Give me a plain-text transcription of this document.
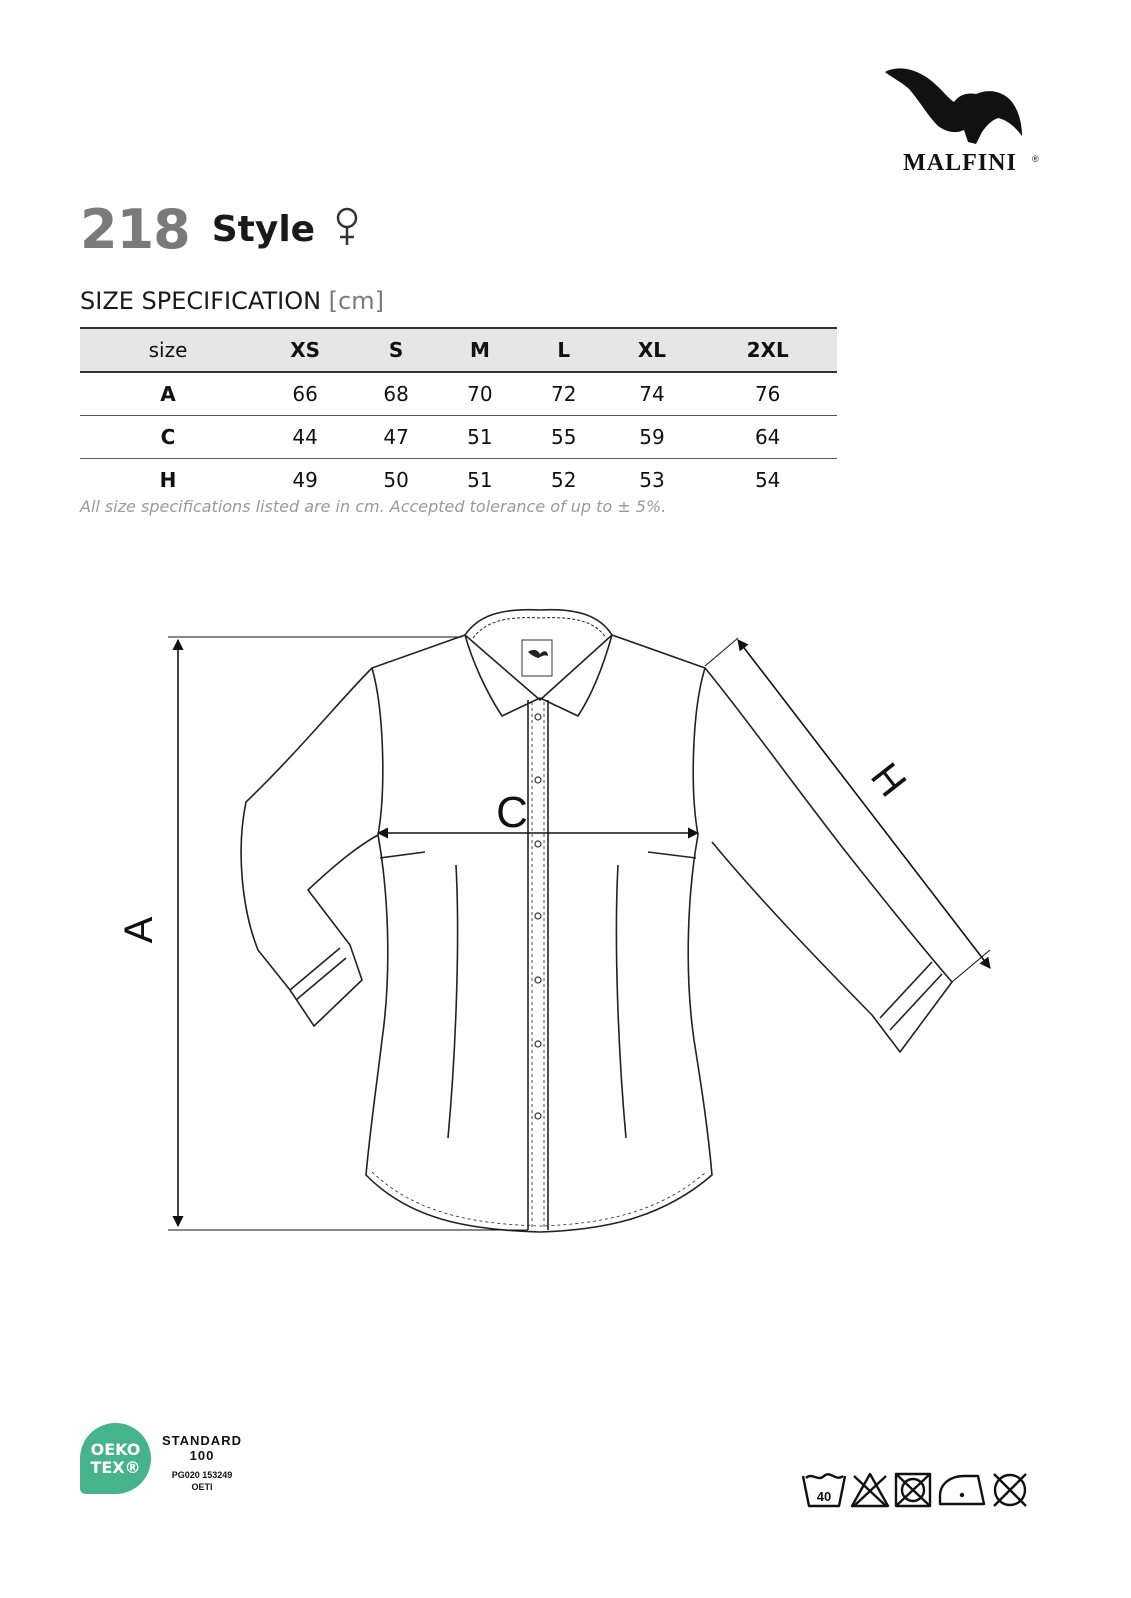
MALFINI	®
218 Style
SIZE SPECIFICATION [cm]
size	XS	S	M	L	XL	2XL
A	66	68	70	72	74	76
C	44	47	51	55	59	64
H	49	50	51	52	53	54
All size specifications listed are in cm. Accepted tolerance of up to ± 5%.
A
C
H
OEKO
TEX®
STANDARD
100
PG020 153249
OETI
40
